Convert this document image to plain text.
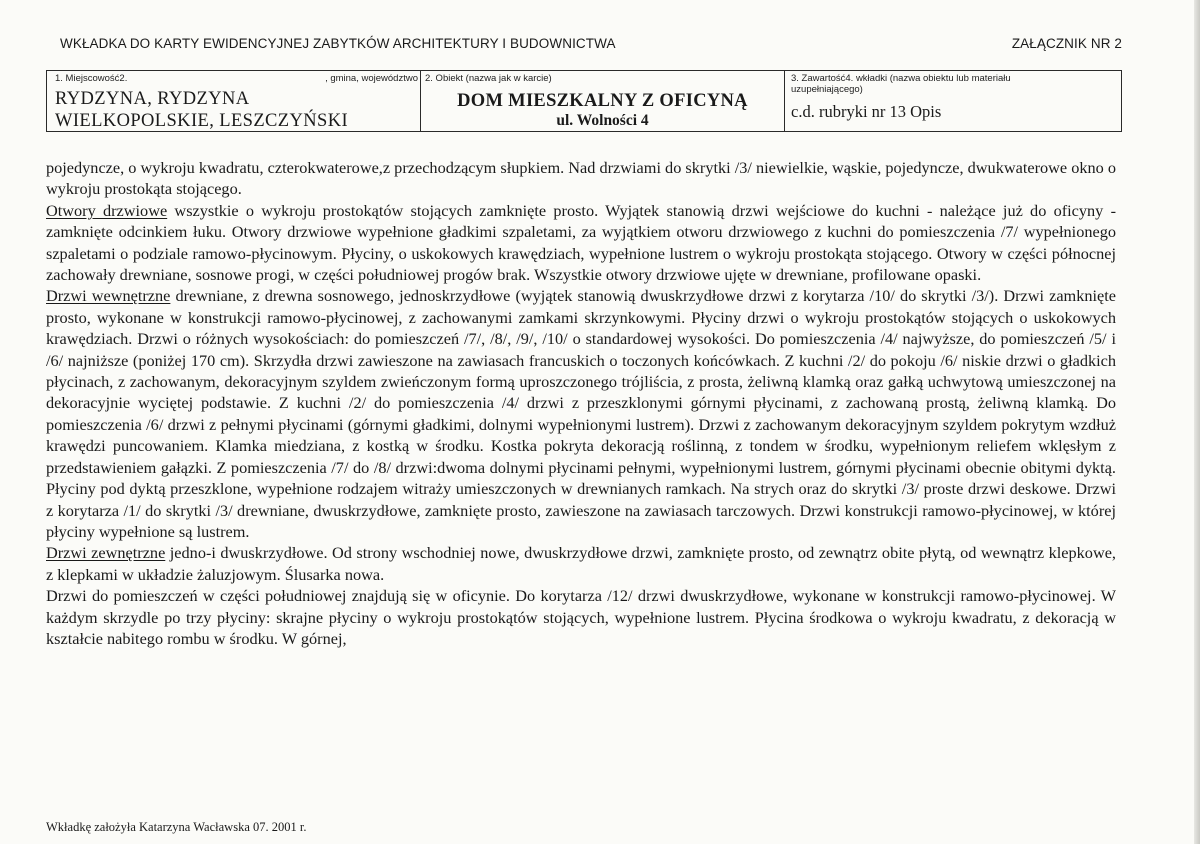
WKŁADKA DO KARTY EWIDENCYJNEJ ZABYTKÓW ARCHITEKTURY I BUDOWNICTWA	ZAŁĄCZNIK NR 2
1. Miejscowość2.	, gmina, województwo
RYDZYNA, RYDZYNA
WIELKOPOLSKIE, LESZCZYŃSKI
2. Obiekt (nazwa jak w karcie)
DOM MIESZKALNY Z OFICYNĄ
ul. Wolności 4
3. Zawartość4. wkładki (nazwa obiektu lub materiału uzupełniającego)
c.d. rubryki nr 13 Opis

pojedyncze, o wykroju kwadratu, czterokwaterowe,z przechodzącym słupkiem. Nad drzwiami do skrytki /3/ niewielkie, wąskie, pojedyncze, dwukwaterowe okno o wykroju prostokąta stojącego.

Otwory drzwiowe wszystkie o wykroju prostokątów stojących zamknięte prosto. Wyjątek stanowią drzwi wejściowe do kuchni - należące już do oficyny - zamknięte odcinkiem łuku. Otwory drzwiowe wypełnione gładkimi szpaletami, za wyjątkiem otworu drzwiowego z kuchni do pomieszczenia /7/ wypełnionego szpaletami o podziale ramowo-płycinowym. Płyciny, o uskokowych krawędziach, wypełnione lustrem o wykroju prostokąta stojącego. Otwory w części północnej zachowały drewniane, sosnowe progi, w części południowej progów brak. Wszystkie otwory drzwiowe ujęte w drewniane, profilowane opaski.

Drzwi wewnętrzne drewniane, z drewna sosnowego, jednoskrzydłowe (wyjątek stanowią dwuskrzydłowe drzwi z korytarza /10/ do skrytki /3/). Drzwi zamknięte prosto, wykonane w konstrukcji ramowo-płycinowej, z zachowanymi zamkami skrzynkowymi. Płyciny drzwi o wykroju prostokątów stojących o uskokowych krawędziach. Drzwi o różnych wysokościach: do pomieszczeń /7/, /8/, /9/, /10/ o standardowej wysokości. Do pomieszczenia /4/ najwyższe, do pomieszczeń /5/ i /6/ najniższe (poniżej 170 cm). Skrzydła drzwi zawieszone na zawiasach francuskich o toczonych końcówkach. Z kuchni /2/ do pokoju /6/ niskie drzwi o gładkich płycinach, z zachowanym, dekoracyjnym szyldem zwieńczonym formą uproszczonego trójliścia, z prosta, żeliwną klamką oraz gałką uchwytową umieszczonej na dekoracyjnie wyciętej podstawie. Z kuchni /2/ do pomieszczenia /4/ drzwi z przeszklonymi górnymi płycinami, z zachowaną prostą, żeliwną klamką. Do pomieszczenia /6/ drzwi z pełnymi płycinami (górnymi gładkimi, dolnymi wypełnionymi lustrem). Drzwi z zachowanym dekoracyjnym szyldem pokrytym wzdłuż krawędzi puncowaniem. Klamka miedziana, z kostką w środku. Kostka pokryta dekoracją roślinną, z tondem w środku, wypełnionym reliefem wklęsłym z przedstawieniem gałązki. Z pomieszczenia /7/ do /8/ drzwi:dwoma dolnymi płycinami pełnymi, wypełnionymi lustrem, górnymi płycinami obecnie obitymi dyktą. Płyciny pod dyktą przeszklone, wypełnione rodzajem witraży umieszczonych w drewnianych ramkach. Na strych oraz do skrytki /3/ proste drzwi deskowe. Drzwi z korytarza /1/ do skrytki /3/ drewniane, dwuskrzydłowe, zamknięte prosto, zawieszone na zawiasach tarczowych. Drzwi konstrukcji ramowo-płycinowej, w której płyciny wypełnione są lustrem.

Drzwi zewnętrzne jedno-i dwuskrzydłowe. Od strony wschodniej nowe, dwuskrzydłowe drzwi, zamknięte prosto, od zewnątrz obite płytą, od wewnątrz klepkowe, z klepkami w układzie żaluzjowym. Ślusarka nowa.

Drzwi do pomieszczeń w części południowej znajdują się w oficynie. Do korytarza /12/ drzwi dwuskrzydłowe, wykonane w konstrukcji ramowo-płycinowej. W każdym skrzydle po trzy płyciny: skrajne płyciny o wykroju prostokątów stojących, wypełnione lustrem. Płycina środkowa o wykroju kwadratu, z dekoracją w kształcie nabitego rombu w środku. W górnej,

Wkładkę założyła Katarzyna Wacławska 07. 2001 r.
